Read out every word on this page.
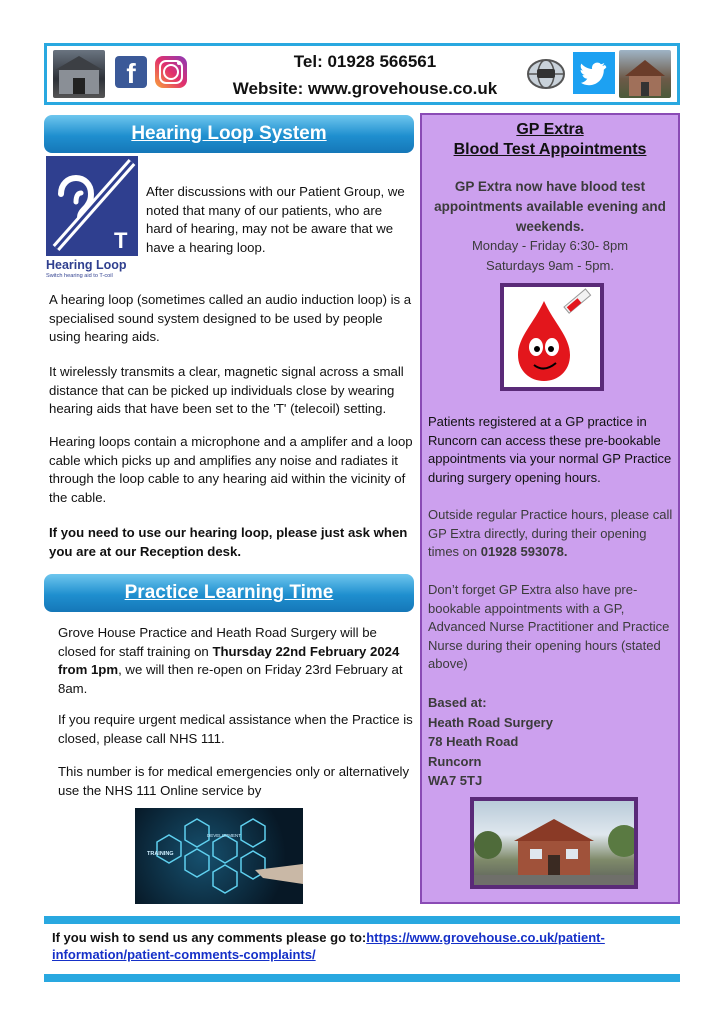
f	Tel: 01928 566561
Website: www.grovehouse.co.uk
Hearing Loop System
T
Hearing Loop
Switch hearing aid to T-coil
After discussions with our Patient Group, we noted that many of our patients, who are hard of hearing, may not be aware that we have a hearing loop.
A hearing loop (sometimes called an audio induction loop) is a specialised sound system designed to be used by people using hearing aids.
It wirelessly transmits a clear, magnetic signal across a small distance that can be picked up individuals close by wearing hearing aids that have been set to the 'T' (telecoil) setting.
Hearing loops contain a microphone and a amplifer and a loop cable which picks up and amplifies any noise and radiates it through the loop cable to any hearing aid within the vicinity of the cable.
If you need to use our hearing loop, please just ask when you are at our Reception desk.
Practice Learning Time
Grove House Practice and Heath Road Surgery will be closed for staff training on Thursday 22nd February 2024 from 1pm, we will then re-open on Friday 23rd February at 8am.
If you require urgent medical assistance when the Practice is closed, please call NHS 111.
This number is for medical emergencies only or alternatively use the NHS 111 Online service by
TRAINING
DEVELOPMENT
GP Extra
Blood Test Appointments
GP Extra now have blood test appointments available evening and weekends.
Monday - Friday 6:30- 8pm
Saturdays 9am - 5pm.
Patients registered at a GP practice in Runcorn can access these pre-bookable appointments via your normal GP Practice during surgery opening hours.
Outside regular Practice hours, please call GP Extra directly, during their opening times on 01928 593078.
Don’t forget GP Extra also have pre-bookable appointments with a GP, Advanced Nurse Practitioner and Practice Nurse during their opening hours (stated above)
Based at:
Heath Road Surgery
78 Heath Road
Runcorn
WA7 5TJ
If you wish to send us any comments please go to:https://www.grovehouse.co.uk/patient-information/patient-comments-complaints/
